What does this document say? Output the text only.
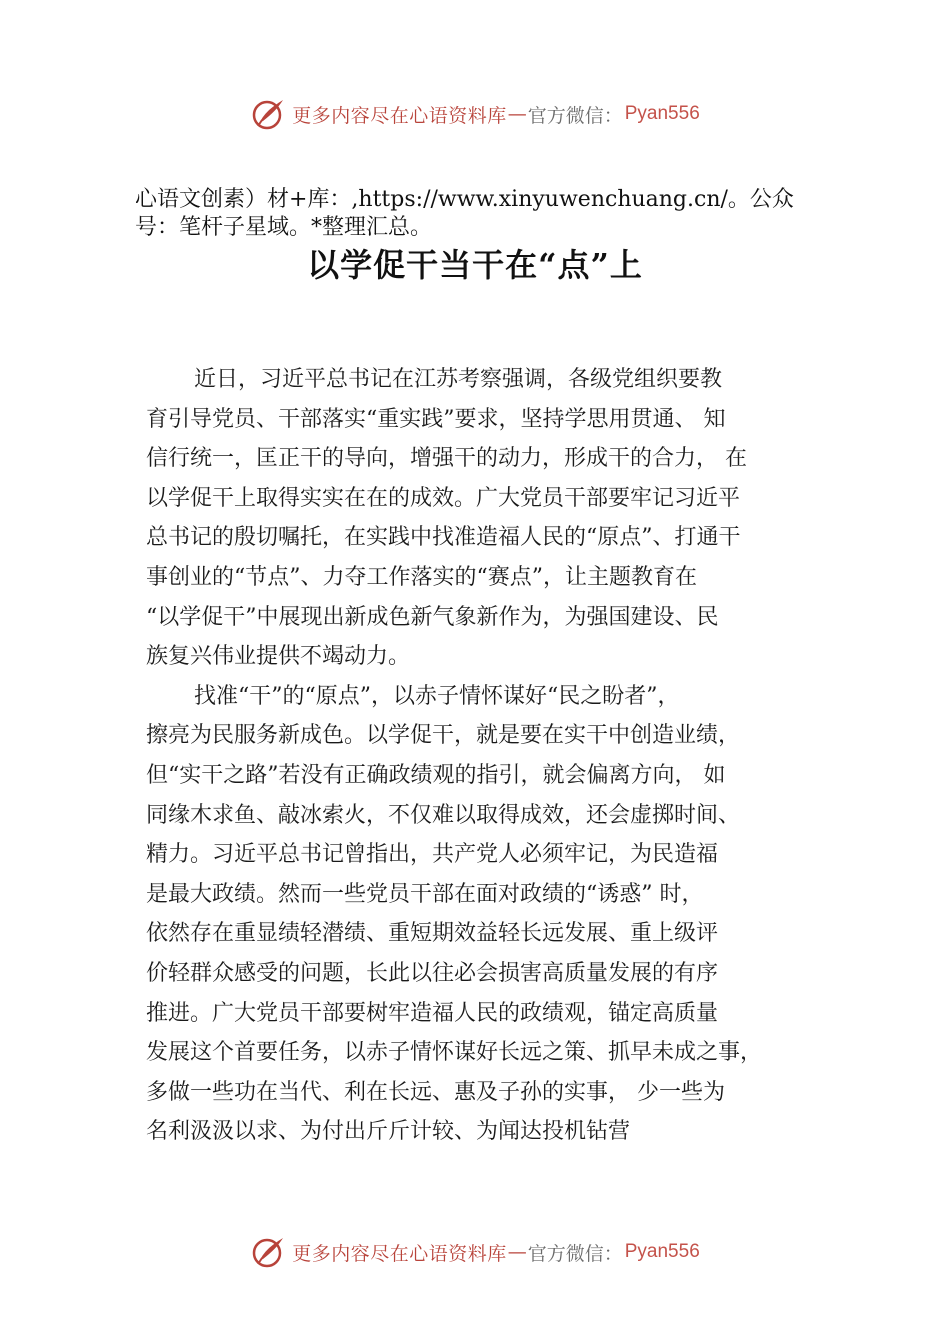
更多内容尽在心语资料库 — 官方微信： Pyan556
心语文创素）材+库：,https://www.xinyuwenchuang.cn/。公众号：笔杆子星域。*整理汇总。
以学促干当干在“点”上
近日，习近平总书记在江苏考察强调，各级党组织要教
育引导党员、干部落实“重实践”要求，坚持学思用贯通、 知
信行统一，匡正干的导向，增强干的动力，形成干的合力， 在
以学促干上取得实实在在的成效。广大党员干部要牢记习近平
总书记的殷切嘱托，在实践中找准造福人民的“原点”、打通干
事创业的“节点”、力夺工作落实的“赛点”，让主题教育在
“以学促干”中展现出新成色新气象新作为，为强国建设、民
族复兴伟业提供不竭动力。
找准“干”的“原点”，以赤子情怀谋好“民之盼者”，
擦亮为民服务新成色。以学促干，就是要在实干中创造业绩，
但“实干之路”若没有正确政绩观的指引，就会偏离方向， 如
同缘木求鱼、敲冰索火，不仅难以取得成效，还会虚掷时间、
精力。习近平总书记曾指出，共产党人必须牢记，为民造福
是最大政绩。然而一些党员干部在面对政绩的“诱惑” 时，
依然存在重显绩轻潜绩、重短期效益轻长远发展、重上级评
价轻群众感受的问题，长此以往必会损害高质量发展的有序
推进。广大党员干部要树牢造福人民的政绩观，锚定高质量
发展这个首要任务，以赤子情怀谋好长远之策、抓早未成之事，
多做一些功在当代、利在长远、惠及子孙的实事， 少一些为
名利汲汲以求、为付出斤斤计较、为闻达投机钻营
更多内容尽在心语资料库 — 官方微信： Pyan556
